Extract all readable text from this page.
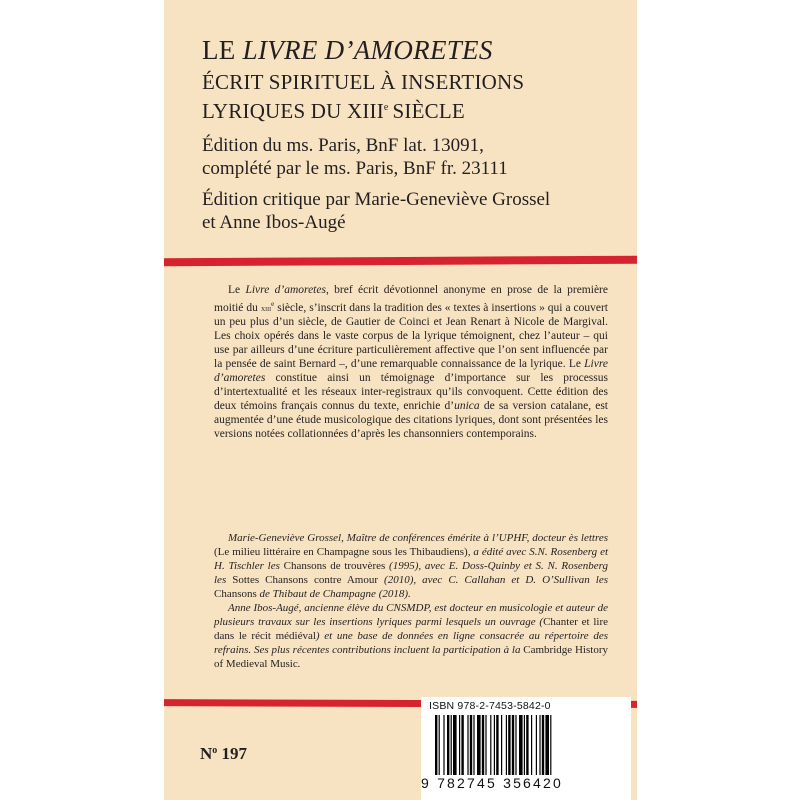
LE LIVRE D’AMORETES
ÉCRIT SPIRITUEL À INSERTIONS
LYRIQUES DU XIIIe SIÈCLE
Édition du ms. Paris, BnF lat. 13091,
complété par le ms. Paris, BnF fr. 23111
Édition critique par Marie-Geneviève Grossel
et Anne Ibos-Augé

Le Livre d’amoretes, bref écrit dévotionnel anonyme en prose de la première moitié du xiii$^e$ siècle, s’inscrit dans la tradition des « textes à insertions » qui a couvert un peu plus d’un siècle, de Gautier de Coinci et Jean Renart à Nicole de Margival. Les choix opérés dans le vaste corpus de la lyrique témoignent, chez l’auteur – qui use par ailleurs d’une écriture particulièrement affective que l’on sent influencée par la pensée de saint Bernard –, d’une remarquable connaissance de la lyrique. Le Livre d’amoretes constitue ainsi un témoignage d’importance sur les processus d’intertextualité et les réseaux inter-registraux qu’ils convoquent. Cette édition des deux témoins français connus du texte, enrichie d’unica de sa version catalane, est augmentée d’une étude musicologique des citations lyriques, dont sont présentées les versions notées collationnées d’après les chansonniers contemporains.

Marie-Geneviève Grossel, Maître de conférences émérite à l’UPHF, docteur ès lettres (Le milieu littéraire en Champagne sous les Thibaudiens), a édité avec S.N. Rosenberg et H. Tischler les Chansons de trouvères (1995), avec E. Doss-Quinby et S. N. Rosenberg les Sottes Chansons contre Amour (2010), avec C. Callahan et D. O’Sullivan les Chansons de Thibaut de Champagne (2018).

Anne Ibos-Augé, ancienne élève du CNSMDP, est docteur en musicologie et auteur de plusieurs travaux sur les insertions lyriques parmi lesquels un ouvrage (Chanter et lire dans le récit médiéval) et une base de données en ligne consacrée au répertoire des refrains. Ses plus récentes contributions incluent la participation à la Cambridge History of Medieval Music.

$N^o$ 197
ISBN 978-2-7453-5842-0
9 782745 356420
